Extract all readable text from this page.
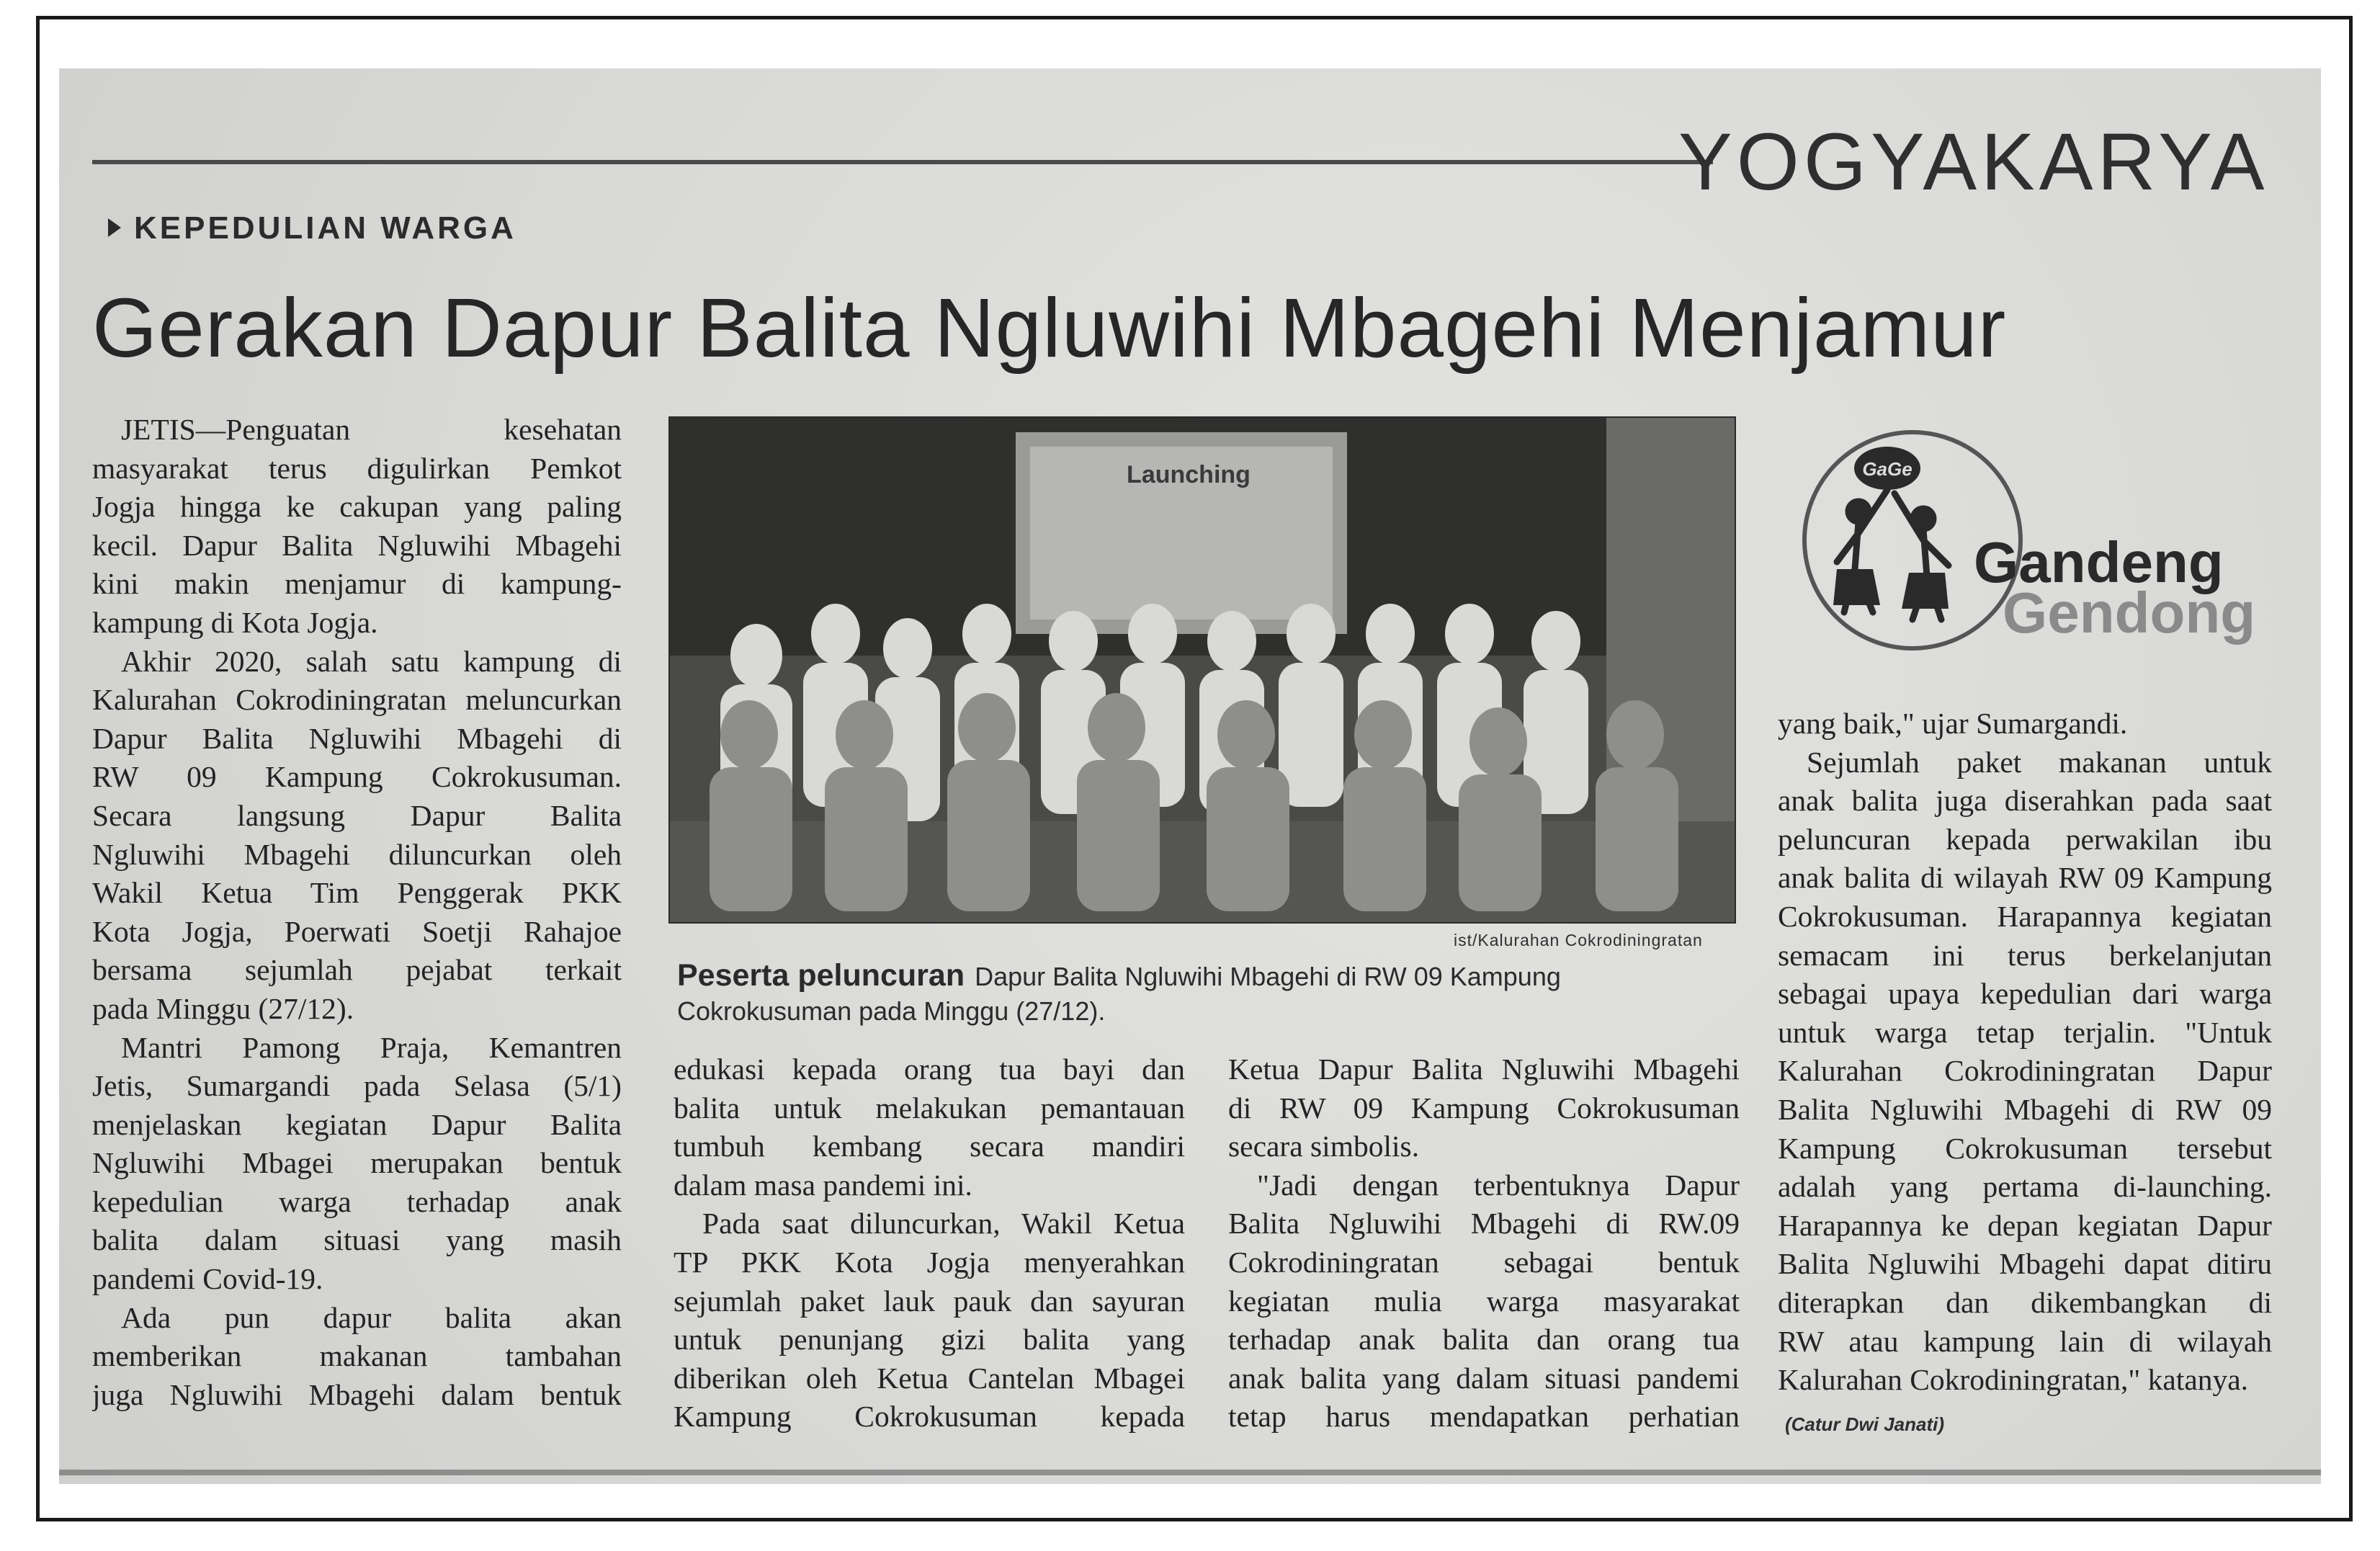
YOGYAKARYA
KEPEDULIAN WARGA
Gerakan Dapur Balita Ngluwihi Mbagehi Menjamur

JETIS—Penguatan kesehatan

masyarakat terus digulirkan Pemkot

Jogja hingga ke cakupan yang paling

kecil. Dapur Balita Ngluwihi Mbagehi

kini makin menjamur di kampung-

kampung di Kota Jogja.

Akhir 2020, salah satu kampung di

Kalurahan Cokrodiningratan meluncurkan

Dapur Balita Ngluwihi Mbagehi di

RW 09 Kampung Cokrokusuman.

Secara langsung Dapur Balita

Ngluwihi Mbagehi diluncurkan oleh

Wakil Ketua Tim Penggerak PKK

Kota Jogja, Poerwati Soetji Rahajoe

bersama sejumlah pejabat terkait

pada Minggu (27/12).

Mantri Pamong Praja, Kemantren

Jetis, Sumargandi pada Selasa (5/1)

menjelaskan kegiatan Dapur Balita

Ngluwihi Mbagei merupakan bentuk

kepedulian warga terhadap anak

balita dalam situasi yang masih

pandemi Covid-19.

Ada pun dapur balita akan

memberikan makanan tambahan

juga Ngluwihi Mbagehi dalam bentuk

Launching
ist/Kalurahan Cokrodiningratan
Peserta peluncuran Dapur Balita Ngluwihi Mbagehi di RW 09 Kampung Cokrokusuman pada Minggu (27/12).

edukasi kepada orang tua bayi dan

balita untuk melakukan pemantauan

tumbuh kembang secara mandiri

dalam masa pandemi ini.

Pada saat diluncurkan, Wakil Ketua

TP PKK Kota Jogja menyerahkan

sejumlah paket lauk pauk dan sayuran

untuk penunjang gizi balita yang

diberikan oleh Ketua Cantelan Mbagei

Kampung Cokrokusuman kepada

Ketua Dapur Balita Ngluwihi Mbagehi

di RW 09 Kampung Cokrokusuman

secara simbolis.

"Jadi dengan terbentuknya Dapur

Balita Ngluwihi Mbagehi di RW.09

Cokrodiningratan sebagai bentuk

kegiatan mulia warga masyarakat

terhadap anak balita dan orang tua

anak balita yang dalam situasi pandemi

tetap harus mendapatkan perhatian

GaGe
Gandeng
Gendong

yang baik," ujar Sumargandi.

Sejumlah paket makanan untuk

anak balita juga diserahkan pada saat

peluncuran kepada perwakilan ibu

anak balita di wilayah RW 09 Kampung

Cokrokusuman. Harapannya kegiatan

semacam ini terus berkelanjutan

sebagai upaya kepedulian dari warga

untuk warga tetap terjalin. "Untuk

Kalurahan Cokrodiningratan Dapur

Balita Ngluwihi Mbagehi di RW 09

Kampung Cokrokusuman tersebut

adalah yang pertama di-launching.

Harapannya ke depan kegiatan Dapur

Balita Ngluwihi Mbagehi dapat ditiru

diterapkan dan dikembangkan di

RW atau kampung lain di wilayah

Kalurahan Cokrodiningratan," katanya.

(Catur Dwi Janati)
